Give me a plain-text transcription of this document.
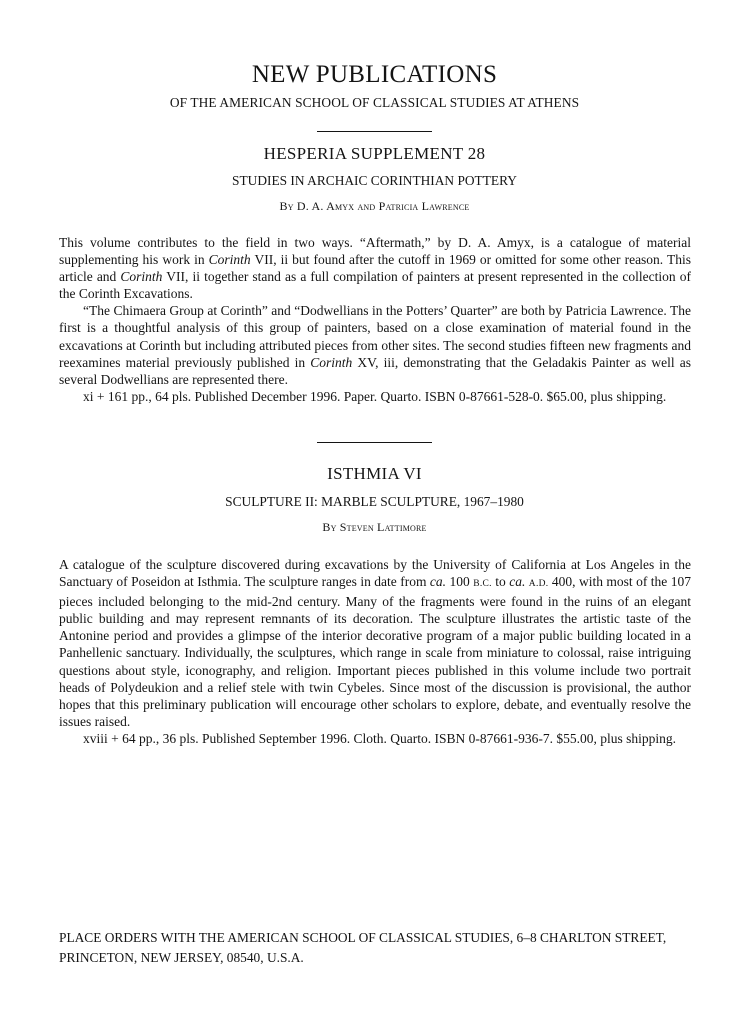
NEW PUBLICATIONS
OF THE AMERICAN SCHOOL OF CLASSICAL STUDIES AT ATHENS
HESPERIA SUPPLEMENT 28
STUDIES IN ARCHAIC CORINTHIAN POTTERY
By D. A. Amyx and Patricia Lawrence

This volume contributes to the field in two ways. “Aftermath,” by D. A. Amyx, is a catalogue of material supplementing his work in Corinth VII, ii but found after the cutoff in 1969 or omitted for some other reason. This article and Corinth VII, ii together stand as a full compilation of painters at present represented in the collection of the Corinth Excavations.

“The Chimaera Group at Corinth” and “Dodwellians in the Potters’ Quarter” are both by Patricia Lawrence. The first is a thoughtful analysis of this group of painters, based on a close examination of material found in the excavations at Corinth but including attributed pieces from other sites. The second studies fifteen new fragments and reexamines material previously published in Corinth XV, iii, demonstrating that the Geladakis Painter as well as several Dodwellians are represented there.

xi + 161 pp., 64 pls. Published December 1996. Paper. Quarto. ISBN 0-87661-528-0. $65.00, plus shipping.

ISTHMIA VI
SCULPTURE II: MARBLE SCULPTURE, 1967–1980
By Steven Lattimore

A catalogue of the sculpture discovered during excavations by the University of California at Los Angeles in the Sanctuary of Poseidon at Isthmia. The sculpture ranges in date from ca. 100 B.C. to ca. A.D. 400, with most of the 107 pieces included belonging to the mid-2nd century. Many of the fragments were found in the ruins of an elegant public building and may represent remnants of its decoration. The sculpture illustrates the artistic taste of the Antonine period and provides a glimpse of the interior decorative program of a major public building located in a Panhellenic sanctuary. Individually, the sculptures, which range in scale from miniature to colossal, raise intriguing questions about style, iconography, and religion. Important pieces published in this volume include two portrait heads of Polydeukion and a relief stele with twin Cybeles. Since most of the discussion is provisional, the author hopes that this preliminary publication will encourage other scholars to explore, debate, and eventually resolve the issues raised.

xviii + 64 pp., 36 pls. Published September 1996. Cloth. Quarto. ISBN 0-87661-936-7. $55.00, plus shipping.

PLACE ORDERS WITH THE AMERICAN SCHOOL OF CLASSICAL STUDIES, 6–8 CHARLTON STREET,
PRINCETON, NEW JERSEY, 08540, U.S.A.
